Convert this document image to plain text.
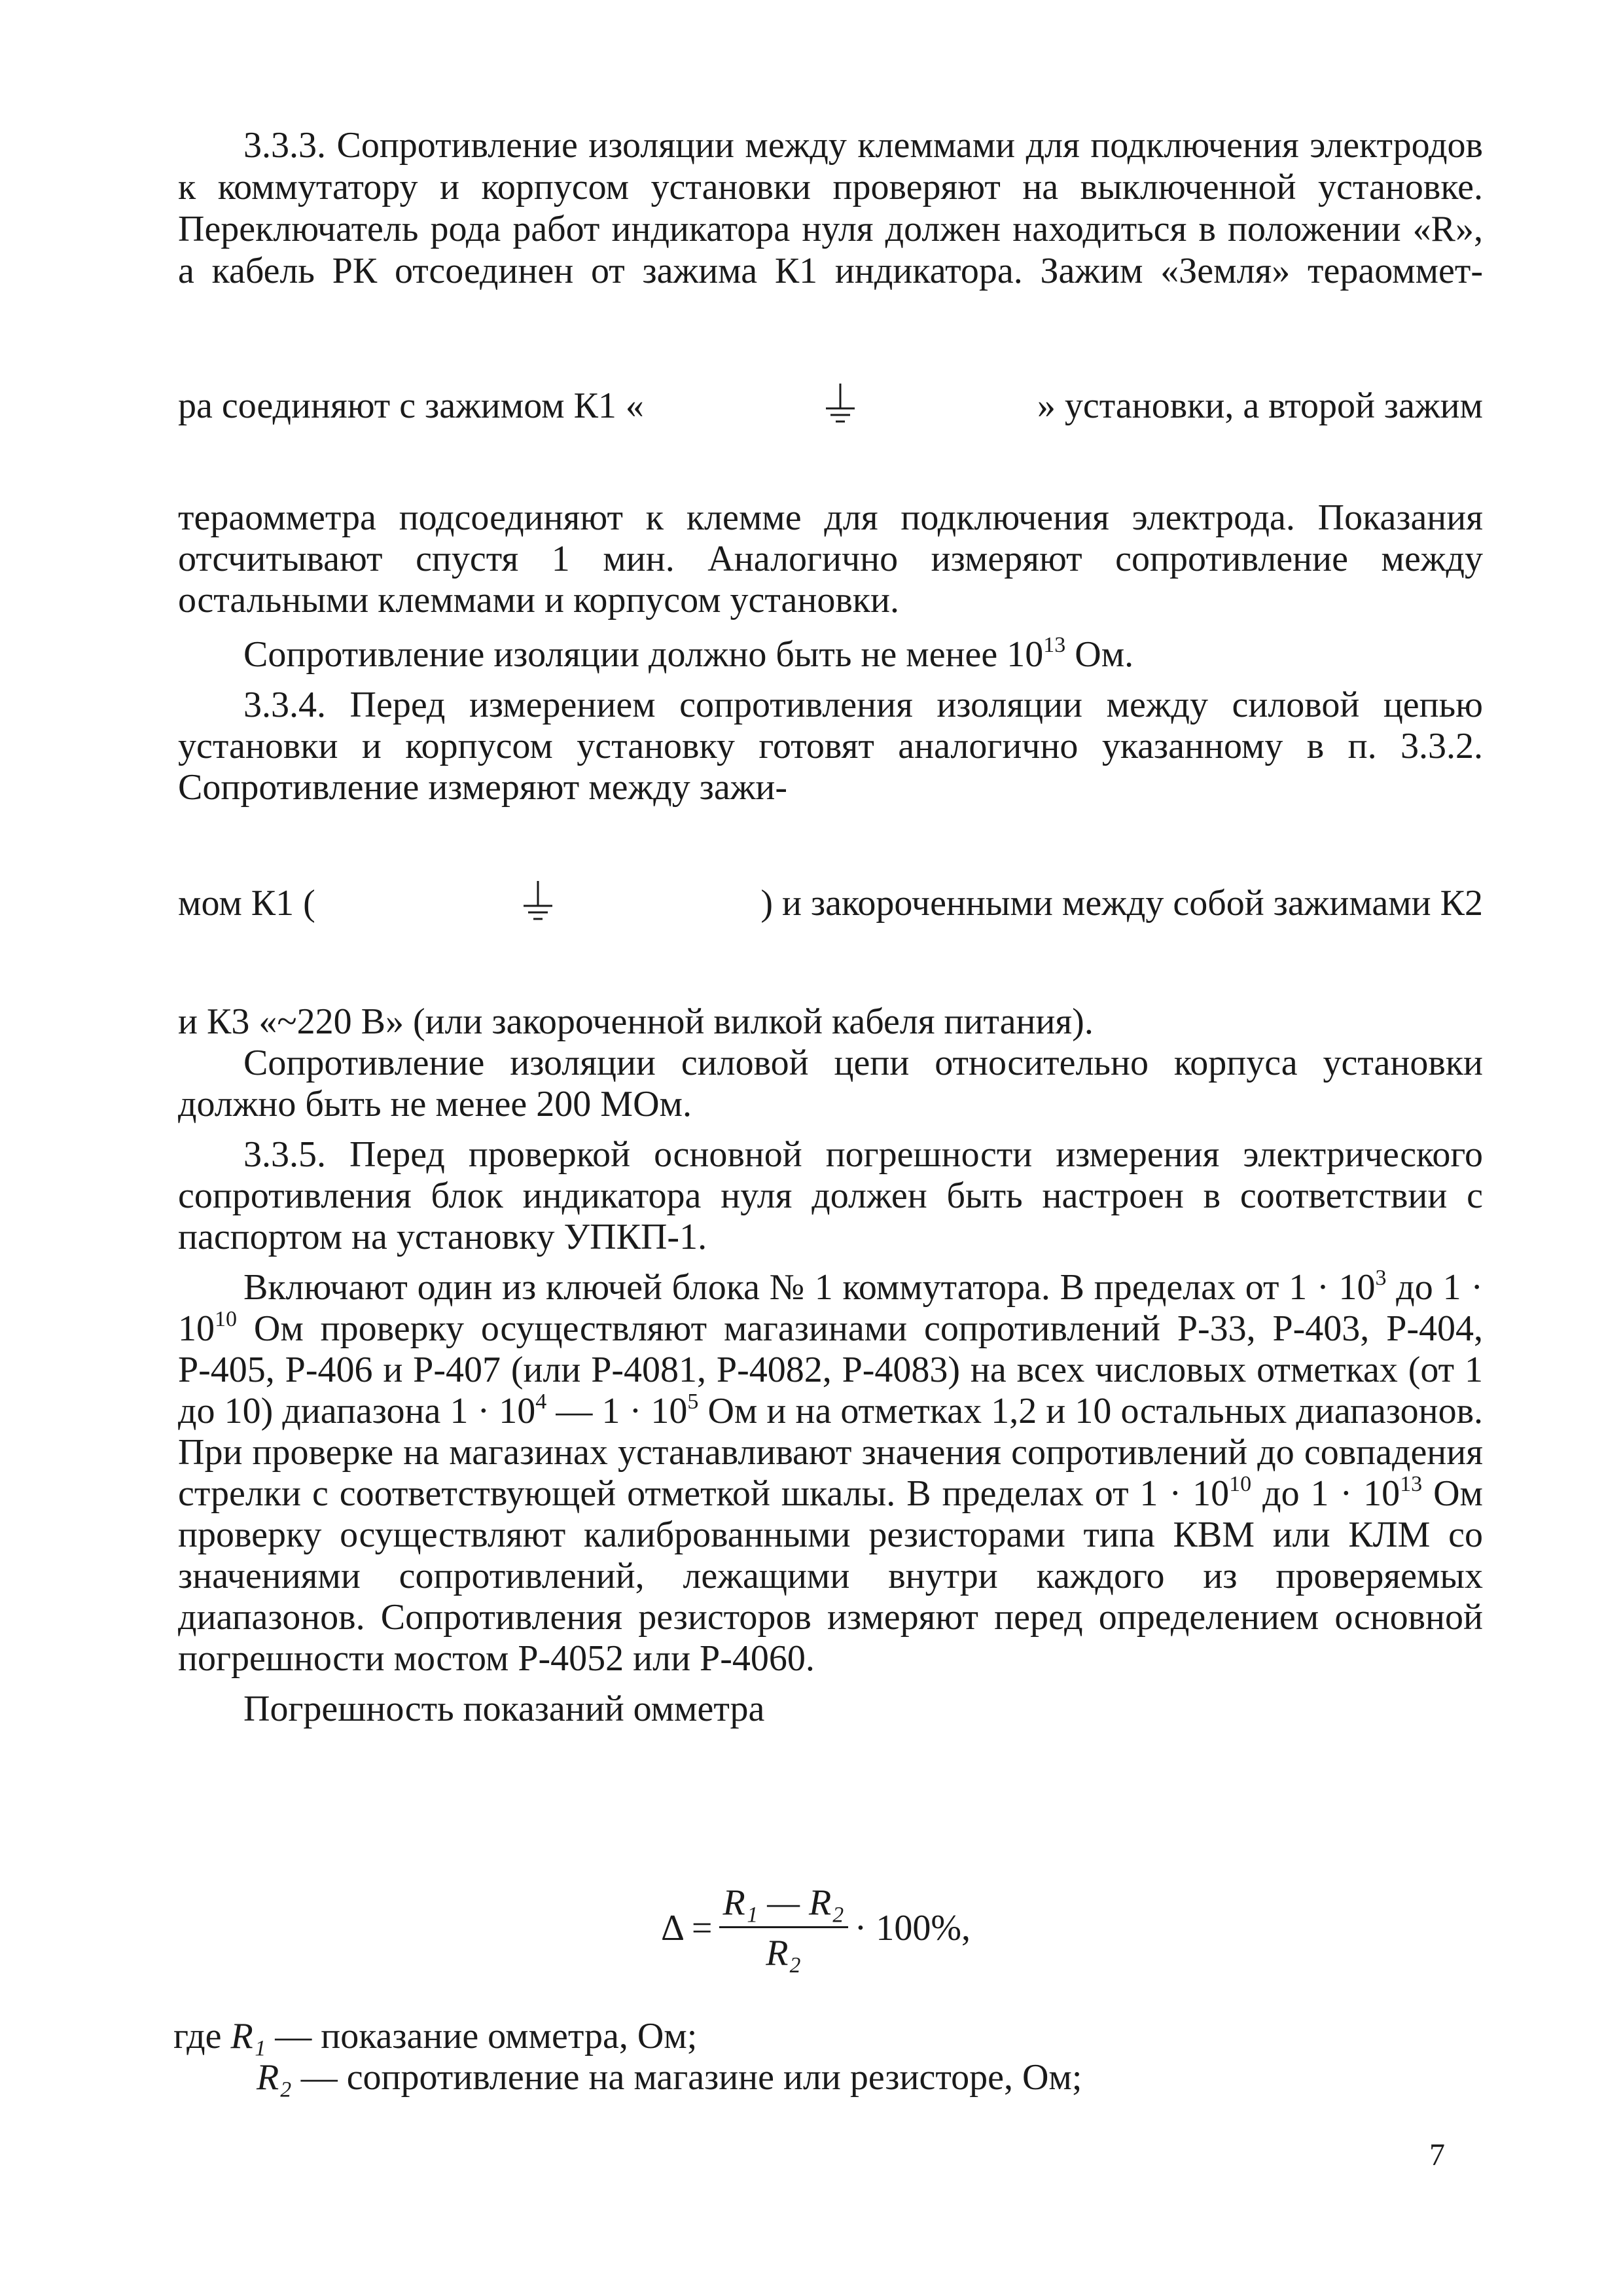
3.3.3. Сопротивление изоляции между клеммами для подключения электродов к коммутатору и корпусом установки проверяют на выключенной установке. Переключатель рода работ индикатора нуля должен находиться в положении «R», а кабель РК отсоединен от зажима К1 индикатора. Зажим «Земля» тераоммет-

ра соединяют с зажимом К1 «	» установки, а второй зажим

тераомметра подсоединяют к клемме для подключения электрода. Показания отсчитывают спустя 1 мин. Аналогично измеряют сопротивление между остальными клеммами и корпусом установки.

Сопротивление изоляции должно быть не менее $10^{13}$ Ом.

3.3.4. Перед измерением сопротивления изоляции между силовой цепью установки и корпусом установку готовят аналогично указанному в п. 3.3.2. Сопротивление измеряют между зажи-

мом К1 (	) и закороченными между собой зажимами К2

и К3 «~220 В» (или закороченной вилкой кабеля питания).

Сопротивление изоляции силовой цепи относительно корпуса установки должно быть не менее 200 МОм.

3.3.5. Перед проверкой основной погрешности измерения электрического сопротивления блок индикатора нуля должен быть настроен в соответствии с паспортом на установку УПКП-1.

Включают один из ключей блока № 1 коммутатора. В пределах от $1 \cdot 10^3$ до $1 \cdot 10^{10}$ Ом проверку осуществляют магазинами сопротивлений Р-33, Р-403, Р-404, Р-405, Р-406 и Р-407 (или Р-4081, Р-4082, Р-4083) на всех числовых отметках (от 1 до 10) диапазона $1 \cdot 10^4$ — $1 \cdot 10^5$ Ом и на отметках 1,2 и 10 остальных диапазонов. При проверке на магазинах устанавливают значения сопротивлений до совпадения стрелки с соответствующей отметкой шкалы. В пределах от $1 \cdot 10^{10}$ до $1 \cdot 10^{13}$ Ом проверку осуществляют калиброванными резисторами типа КВМ или КЛМ со значениями сопротивлений, лежащими внутри каждого из проверяемых диапазонов. Сопротивления резисторов измеряют перед определением основной погрешности мостом Р-4052 или Р-4060.

Погрешность показаний омметра

$\Delta = \frac{\text{R₁ — R₂}}{\text{R₂}} \cdot 100\%$,

где R₁ — показание омметра, Ом;

R₂ — сопротивление на магазине или резисторе, Ом;

7
